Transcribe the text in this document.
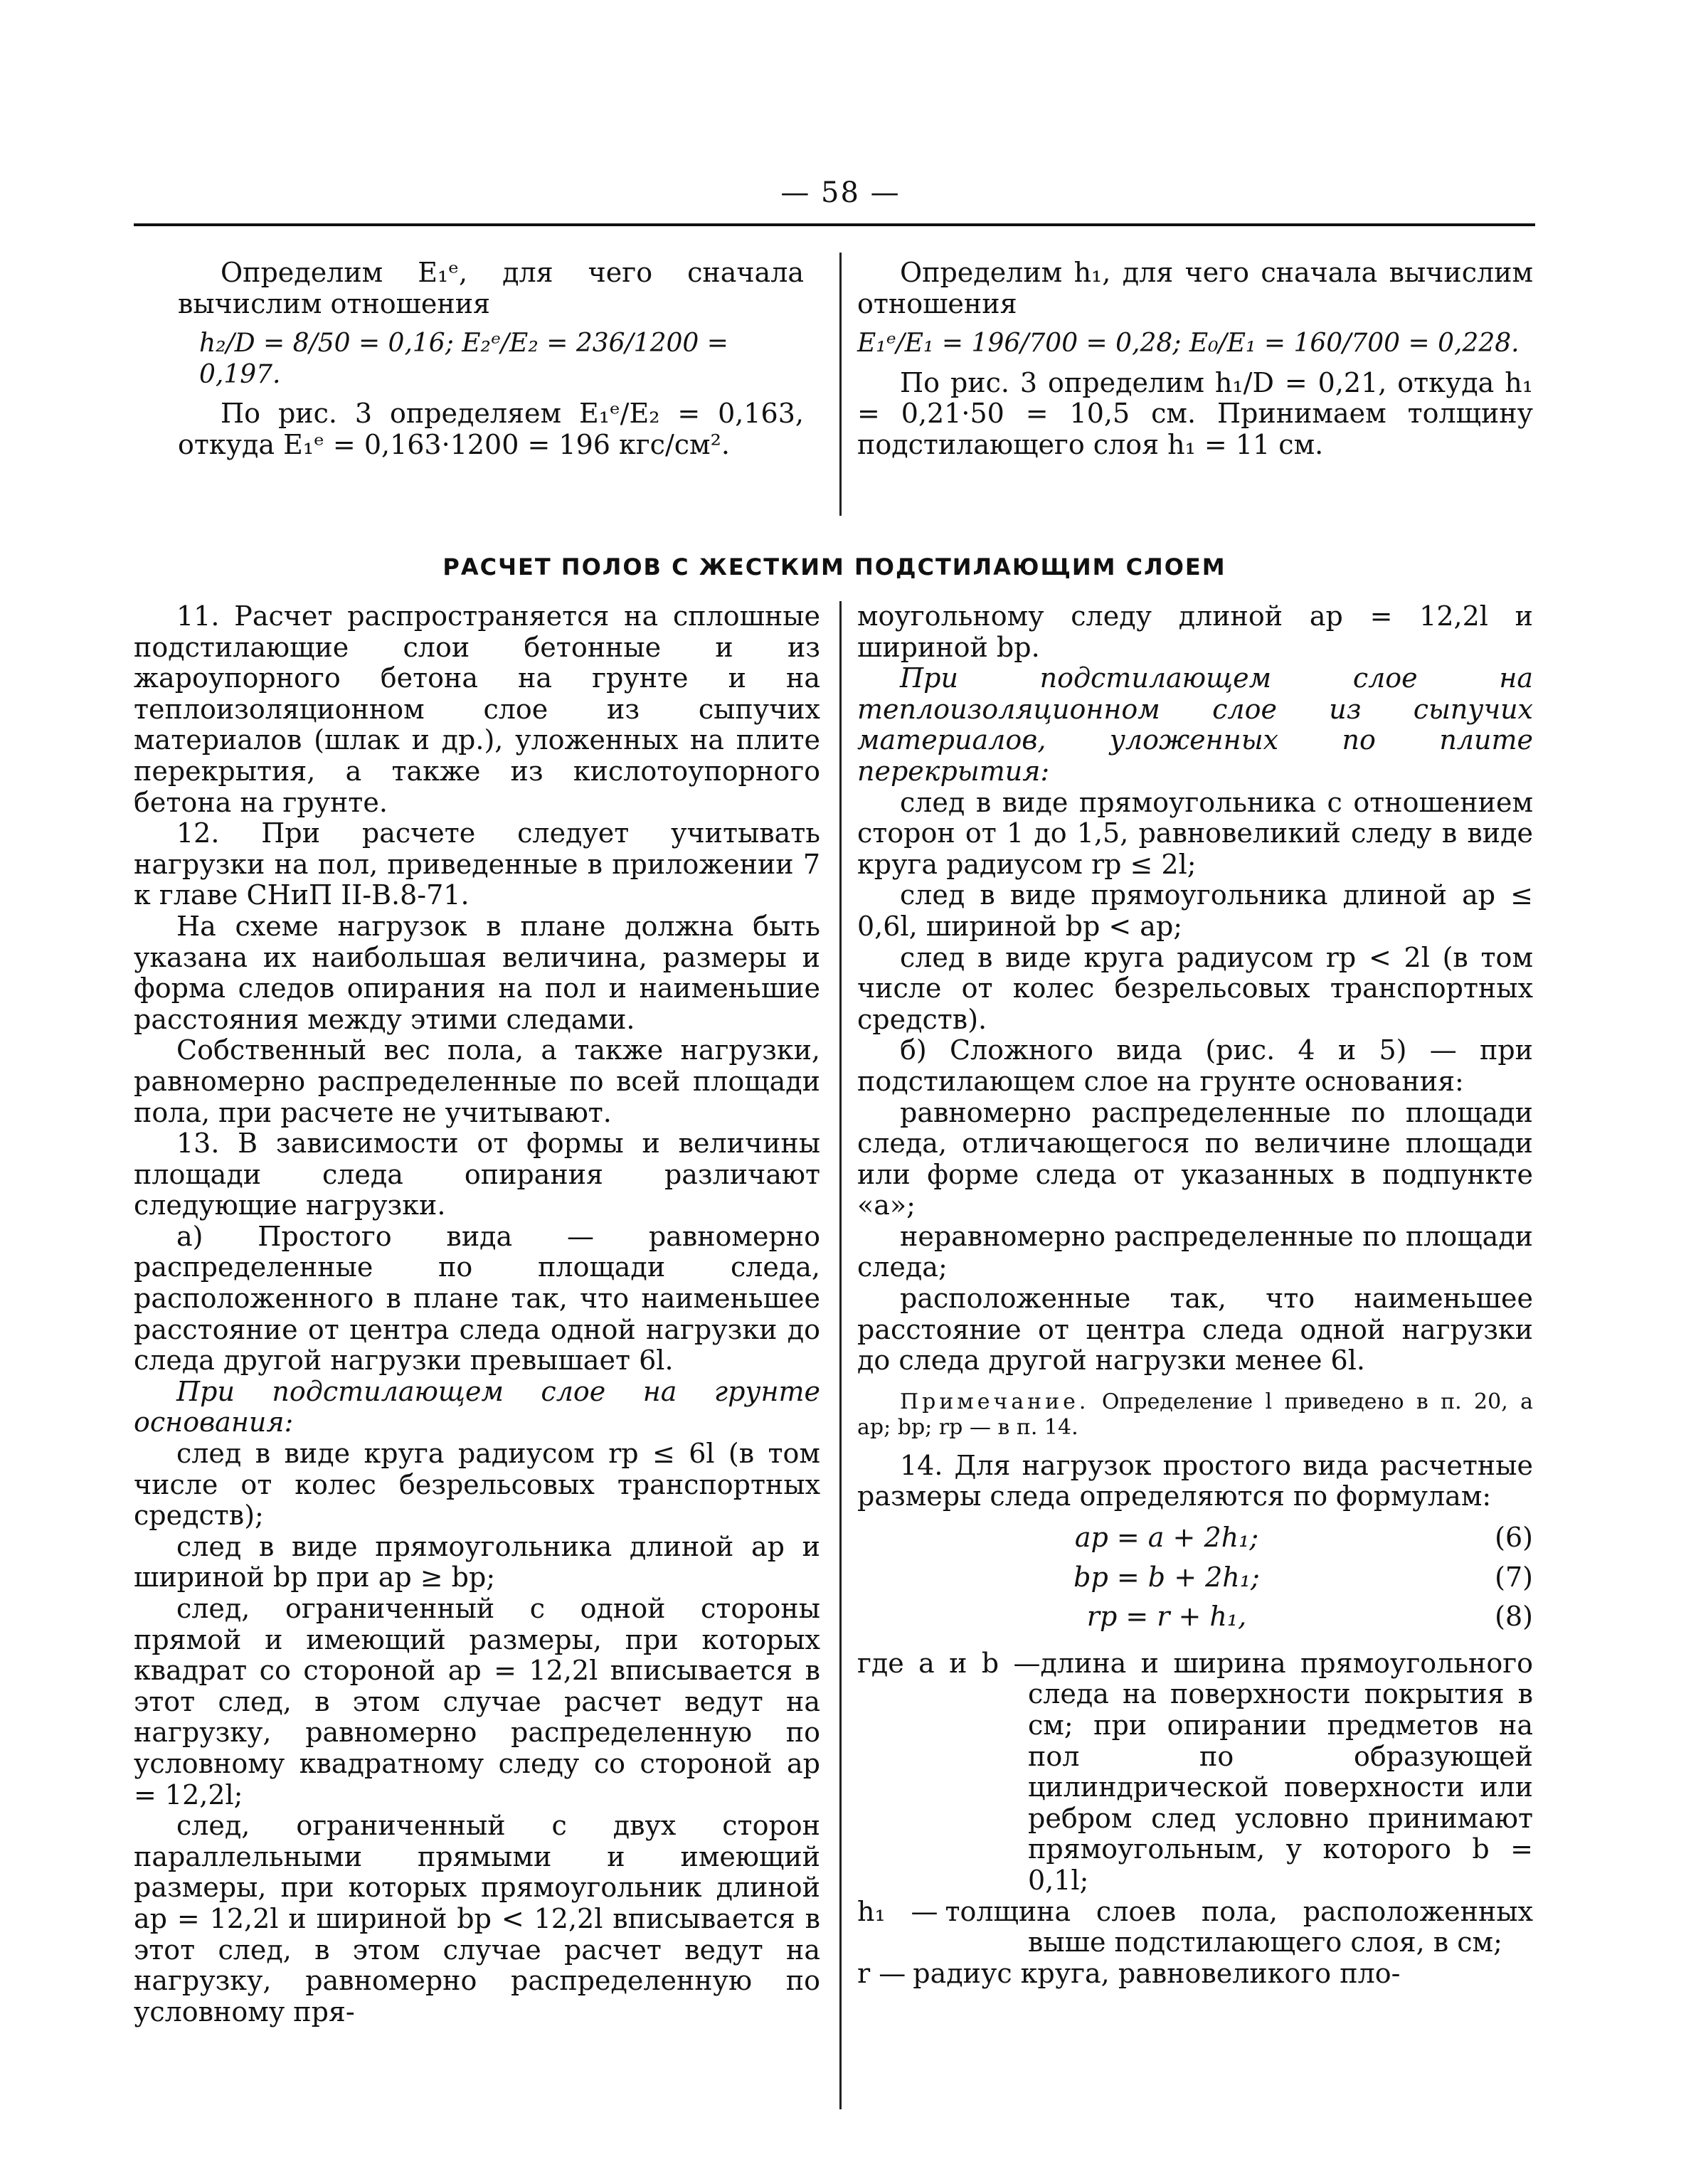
— 58 —

Определим E₁ᵉ, для чего сначала вычислим отношения

h₂/D = 8/50 = 0,16; E₂ᵉ/E₂ = 236/1200 = 0,197.

По рис. 3 определяем E₁ᵉ/E₂ = 0,163, откуда E₁ᵉ = 0,163·1200 = 196 кгс/см².

Определим h₁, для чего сначала вычислим отношения

E₁ᵉ/E₁ = 196/700 = 0,28; E₀/E₁ = 160/700 = 0,228.

По рис. 3 определим h₁/D = 0,21, откуда h₁ = 0,21·50 = 10,5 см. Принимаем толщину подстилающего слоя h₁ = 11 см.

РАСЧЕТ ПОЛОВ С ЖЕСТКИМ ПОДСТИЛАЮЩИМ СЛОЕМ

11. Расчет распространяется на сплошные подстилающие слои бетонные и из жароупорного бетона на грунте и на теплоизоляционном слое из сыпучих материалов (шлак и др.), уложенных на плите перекрытия, а также из кислотоупорного бетона на грунте.

12. При расчете следует учитывать нагрузки на пол, приведенные в приложении 7 к главе СНиП II-В.8-71.

На схеме нагрузок в плане должна быть указана их наибольшая величина, размеры и форма следов опирания на пол и наименьшие расстояния между этими следами.

Собственный вес пола, а также нагрузки, равномерно распределенные по всей площади пола, при расчете не учитывают.

13. В зависимости от формы и величины площади следа опирания различают следующие нагрузки.

а) Простого вида — равномерно распределенные по площади следа, расположенного в плане так, что наименьшее расстояние от центра следа одной нагрузки до следа другой нагрузки превышает 6l.

При подстилающем слое на грунте основания:

след в виде круга радиусом rр ≤ 6l (в том числе от колес безрельсовых транспортных средств);

след в виде прямоугольника длиной aр и шириной bр при aр ≥ bр;

след, ограниченный с одной стороны прямой и имеющий размеры, при которых квадрат со стороной aр = 12,2l вписывается в этот след, в этом случае расчет ведут на нагрузку, равномерно распределенную по условному квадратному следу со стороной aр = 12,2l;

след, ограниченный с двух сторон параллельными прямыми и имеющий размеры, при которых прямоугольник длиной aр = 12,2l и шириной bр < 12,2l вписывается в этот след, в этом случае расчет ведут на нагрузку, равномерно распределенную по условному пря-

моугольному следу длиной aр = 12,2l и шириной bр.

При подстилающем слое на теплоизоляционном слое из сыпучих материалов, уложенных по плите перекрытия:

след в виде прямоугольника с отношением сторон от 1 до 1,5, равновеликий следу в виде круга радиусом rр ≤ 2l;

след в виде прямоугольника длиной aр ≤ 0,6l, шириной bр < aр;

след в виде круга радиусом rр < 2l (в том числе от колес безрельсовых транспортных средств).

б) Сложного вида (рис. 4 и 5) — при подстилающем слое на грунте основания:

равномерно распределенные по площади следа, отличающегося по величине площади или форме следа от указанных в подпункте «а»;

неравномерно распределенные по площади следа;

расположенные так, что наименьшее расстояние от центра следа одной нагрузки до следа другой нагрузки менее 6l.

Примечание. Определение l приведено в п. 20, а aр; bр; rр — в п. 14.

14. Для нагрузок простого вида расчетные размеры следа определяются по формулам:

aр = a + 2h₁;	(6)
bр = b + 2h₁;	(7)
rр = r + h₁,	(8)

где a и b —длина и ширина прямоугольного следа на поверхности покрытия в см; при опирании предметов на пол по образующей цилиндрической поверхности или ребром след условно принимают прямоугольным, у которого b = 0,1l;

h₁ — толщина слоев пола, расположенных выше подстилающего слоя, в см;

r — радиус круга, равновеликого пло-
